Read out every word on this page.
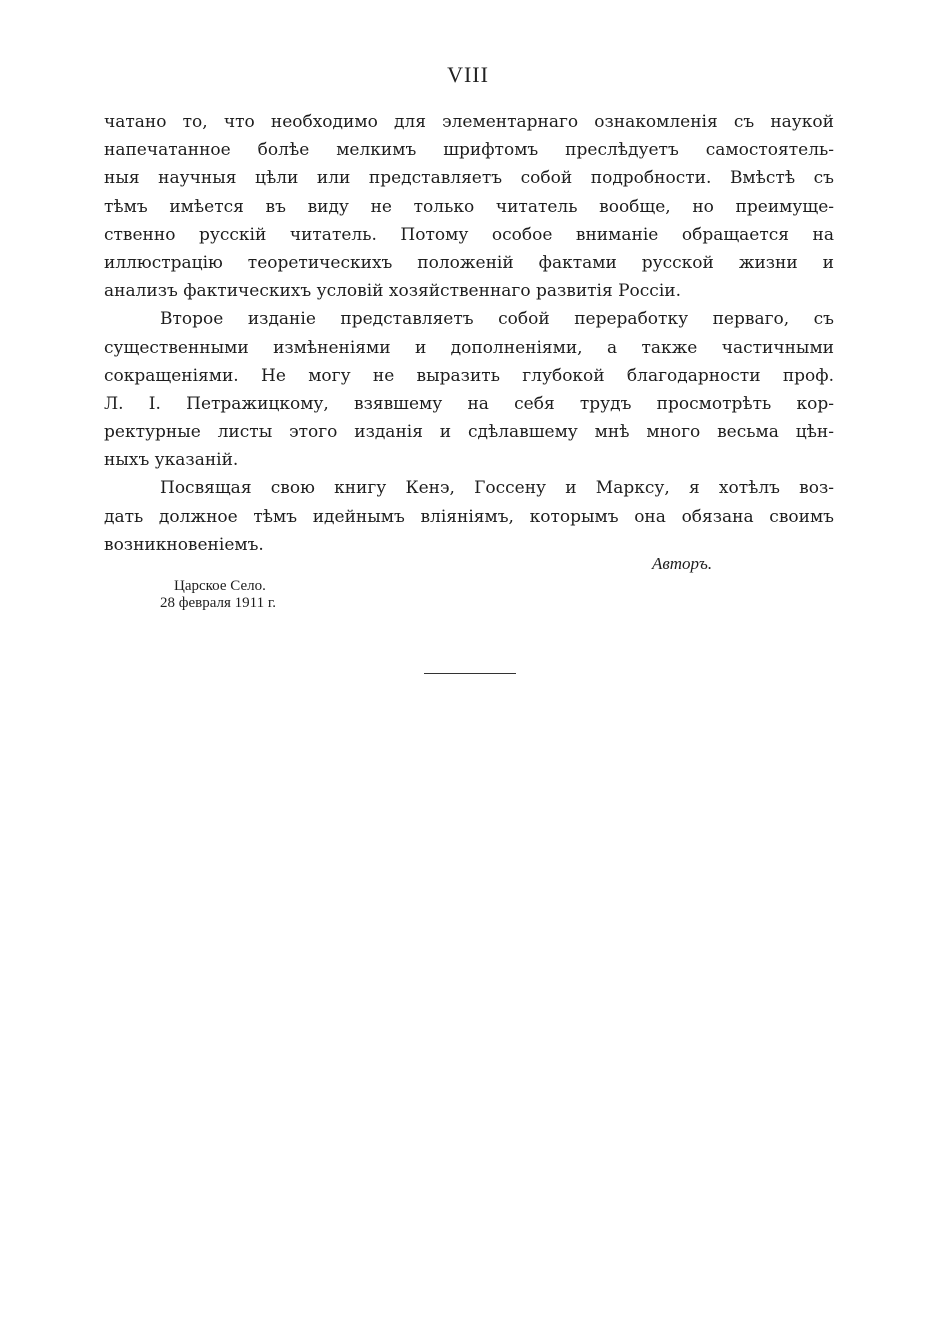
VIII
чатано то, что необходимо для элементарнаго ознакомленія съ наукой
напечатанное болѣе мелкимъ шрифтомъ преслѣдуетъ самостоятель-
ныя научныя цѣли или представляетъ собой подробности. Вмѣстѣ съ
тѣмъ имѣется въ виду не только читатель вообще, но преимуще-
ственно русскій читатель. Потому особое вниманіе обращается на
иллюстрацію теоретическихъ положеній фактами русской жизни и
анализъ фактическихъ условій хозяйственнаго развитія Россіи.
Второе изданіе представляетъ собой переработку перваго, съ
существенными измѣненіями и дополненіями, а также частичными
сокращеніями. Не могу не выразить глубокой благодарности проф.
Л. І. Петражицкому, взявшему на себя трудъ просмотрѣть кор-
ректурные листы этого изданія и сдѣлавшему мнѣ много весьма цѣн-
ныхъ указаній.
Посвящая свою книгу Кенэ, Госсену и Марксу, я хотѣлъ воз-
дать должное тѣмъ идейнымъ вліяніямъ, которымъ она обязана своимъ
возникновеніемъ.
Авторъ.
Царское Село.
28 февраля 1911 г.
